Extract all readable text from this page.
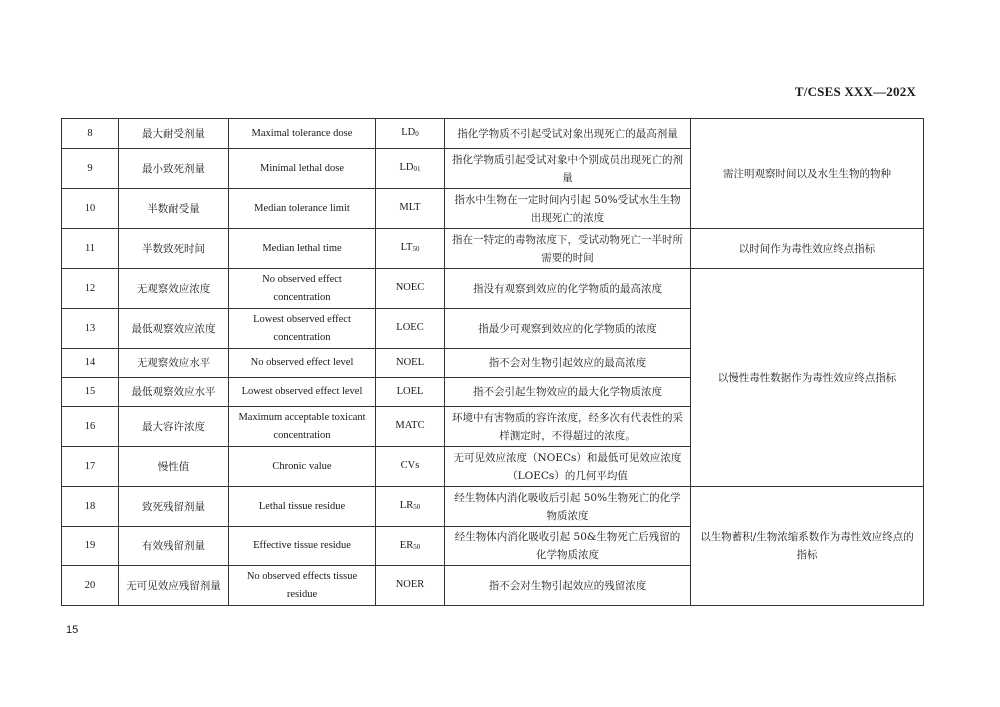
T/CSES XXX—202X
8	最大耐受剂量	Maximal tolerance dose	$LD_0$	指化学物质不引起受试对象出现死亡的最高剂量	需注明观察时间以及水生生物的物种
9	最小致死剂量	Minimal lethal dose	$LD_{01}$	指化学物质引起受试对象中个别成员出现死亡的剂量	
10	半数耐受量	Median tolerance limit	MLT	指水中生物在一定时间内引起 50%受试水生生物出现死亡的浓度	
11	半数致死时间	Median lethal time	$LT_{50}$	指在一特定的毒物浓度下，受试动物死亡一半时所需要的时间	以时间作为毒性效应终点指标
12	无观察效应浓度	No observed effect concentration	NOEC	指没有观察到效应的化学物质的最高浓度	以慢性毒性数据作为毒性效应终点指标
13	最低观察效应浓度	Lowest observed effect concentration	LOEC	指最少可观察到效应的化学物质的浓度	
14	无观察效应水平	No observed effect level	NOEL	指不会对生物引起效应的最高浓度	
15	最低观察效应水平	Lowest observed effect level	LOEL	指不会引起生物效应的最大化学物质浓度	
16	最大容许浓度	Maximum acceptable toxicant concentration	MATC	环境中有害物质的容许浓度，经多次有代表性的采样测定时，不得超过的浓度。	
17	慢性值	Chronic value	CVs	无可见效应浓度（NOECs）和最低可见效应浓度（LOECs）的几何平均值	
18	致死残留剂量	Lethal tissue residue	$LR_{50}$	经生物体内消化吸收后引起 50%生物死亡的化学物质浓度	以生物蓄积/生物浓缩系数作为毒性效应终点的指标
19	有效残留剂量	Effective tissue residue	$ER_{50}$	经生物体内消化吸收引起 50&生物死亡后残留的化学物质浓度	
20	无可见效应残留剂量	No observed effects tissue residue	NOER	指不会对生物引起效应的残留浓度	
15
